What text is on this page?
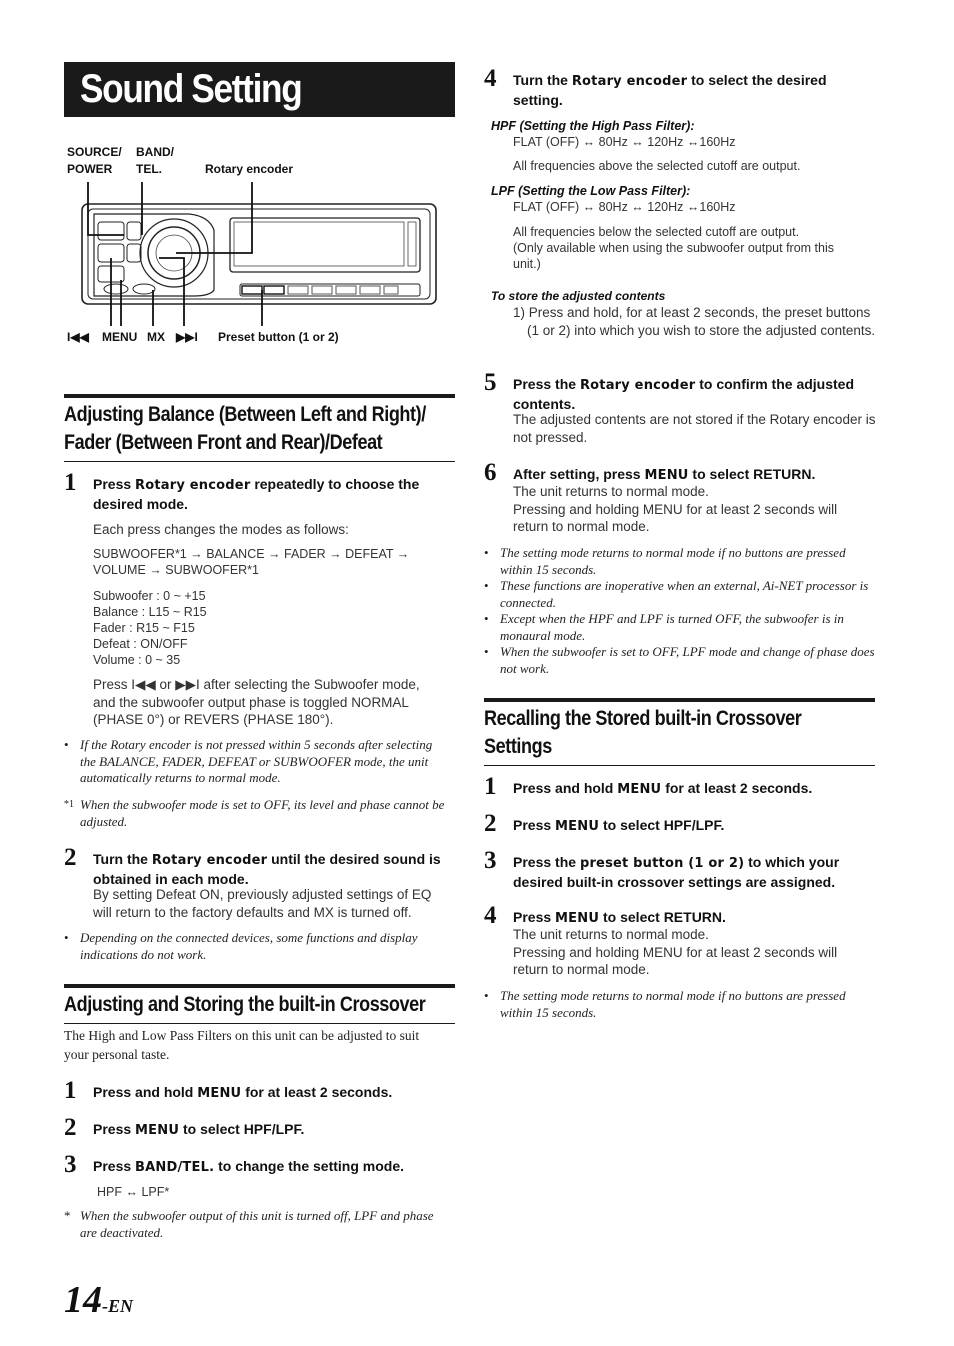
Sound Setting
SOURCE/
POWER
BAND/
TEL.	Rotary encoder
I◀◀ MENU MX ▶▶I Preset button (1 or 2)
Adjusting Balance (Between Left and Right)/
Fader (Between Front and Rear)/Defeat
1 Press Rotary encoder repeatedly to choose the desired mode.
Each press changes the modes as follows:
SUBWOOFER*1 → BALANCE → FADER → DEFEAT →
VOLUME → SUBWOOFER*1
Subwoofer : 0 ~ +15
Balance : L15 ~ R15
Fader : R15 ~ F15
Defeat : ON/OFF
Volume : 0 ~ 35
Press I◀◀ or ▶▶I after selecting the Subwoofer mode, and the subwoofer output phase is toggled NORMAL (PHASE 0°) or REVERS (PHASE 180°).
• If the Rotary encoder is not pressed within 5 seconds after selecting the BALANCE, FADER, DEFEAT or SUBWOOFER mode, the unit automatically returns to normal mode.
*1 When the subwoofer mode is set to OFF, its level and phase cannot be adjusted.
2 Turn the Rotary encoder until the desired sound is obtained in each mode.
By setting Defeat ON, previously adjusted settings of EQ will return to the factory defaults and MX is turned off.
• Depending on the connected devices, some functions and display indications do not work.
Adjusting and Storing the built-in Crossover
The High and Low Pass Filters on this unit can be adjusted to suit your personal taste.
1 Press and hold MENU for at least 2 seconds.
2 Press MENU to select HPF/LPF.
3 Press BAND/TEL. to change the setting mode.
HPF ↔ LPF*
* When the subwoofer output of this unit is turned off, LPF and phase are deactivated.
14-EN
4 Turn the Rotary encoder to select the desired setting.
HPF (Setting the High Pass Filter):
FLAT (OFF) ↔ 80Hz ↔ 120Hz ↔160Hz
All frequencies above the selected cutoff are output.
LPF (Setting the Low Pass Filter):
FLAT (OFF) ↔ 80Hz ↔ 120Hz ↔160Hz
All frequencies below the selected cutoff are output.
(Only available when using the subwoofer output from this unit.)
To store the adjusted contents
1) Press and hold, for at least 2 seconds, the preset buttons (1 or 2) into which you wish to store the adjusted contents.
5 Press the Rotary encoder to confirm the adjusted contents.
The adjusted contents are not stored if the Rotary encoder is not pressed.
6 After setting, press MENU to select RETURN.
The unit returns to normal mode.
Pressing and holding MENU for at least 2 seconds will return to normal mode.
• The setting mode returns to normal mode if no buttons are pressed within 15 seconds.
• These functions are inoperative when an external, Ai-NET processor is connected.
• Except when the HPF and LPF is turned OFF, the subwoofer is in monaural mode.
• When the subwoofer is set to OFF, LPF mode and change of phase does not work.
Recalling the Stored built-in Crossover
Settings
1 Press and hold MENU for at least 2 seconds.
2 Press MENU to select HPF/LPF.
3 Press the preset button (1 or 2) to which your desired built-in crossover settings are assigned.
4 Press MENU to select RETURN.
The unit returns to normal mode.
Pressing and holding MENU for at least 2 seconds will return to normal mode.
• The setting mode returns to normal mode if no buttons are pressed within 15 seconds.
